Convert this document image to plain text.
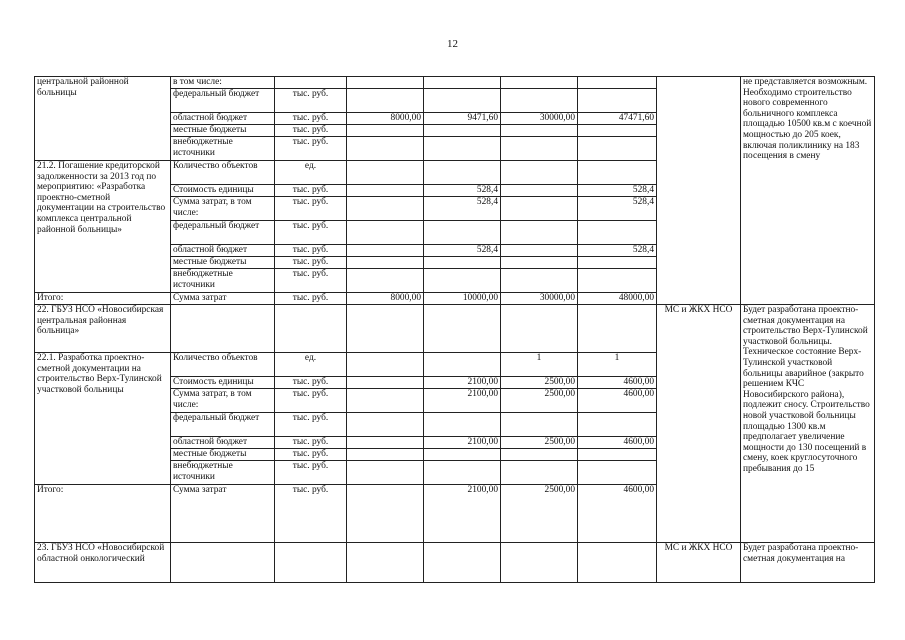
12
центральной районной больницы	в том числе:							не представляется возможным. Необходимо строительство нового современного больничного комплекса площадью 10500 кв.м с коечной мощностью до 205 коек, включая поликлинику на 183 посещения в смену
	федеральный бюджет	тыс. руб.						
	областной бюджет	тыс. руб.	8000,00	9471,60	30000,00	47471,60		
	местные бюджеты	тыс. руб.						
	внебюджетные источники	тыс. руб.						
21.2. Погашение кредиторской задолженности за 2013 год по мероприятию: «Разработка проектно-сметной документации на строительство комплекса центральной районной больницы»	Количество объектов	ед.						
	Стоимость единицы	тыс. руб.		528,4		528,4		
	Сумма затрат, в том числе:	тыс. руб.		528,4		528,4		
	федеральный бюджет	тыс. руб.						
	областной бюджет	тыс. руб.		528,4		528,4		
	местные бюджеты	тыс. руб.						
	внебюджетные источники	тыс. руб.						
Итого:	Сумма затрат	тыс. руб.	8000,00	10000,00	30000,00	48000,00		
22. ГБУЗ НСО «Новосибирская центральная районная больница»							МС и ЖКХ НСО	Будет разработана проектно-сметная документация на строительство Верх-Тулинской участковой больницы. Техническое состояние Верх-Тулинской участковой больницы аварийное (закрыто решением КЧС Новосибирского района), подлежит сносу. Строительство новой участковой больницы площадью 1300 кв.м предполагает увеличение мощности до 130 посещений в смену, коек круглосуточного пребывания до 15
22.1. Разработка проектно-сметной документации на строительство Верх-Тулинской участковой больницы	Количество объектов	ед.			1	1		
	Стоимость единицы	тыс. руб.		2100,00	2500,00	4600,00		
	Сумма затрат, в том числе:	тыс. руб.		2100,00	2500,00	4600,00		
	федеральный бюджет	тыс. руб.						
	областной бюджет	тыс. руб.		2100,00	2500,00	4600,00		
	местные бюджеты	тыс. руб.						
	внебюджетные источники	тыс. руб.						
Итого:	Сумма затрат	тыс. руб.		2100,00	2500,00	4600,00		
23. ГБУЗ НСО «Новосибирской областной онкологический							МС и ЖКХ НСО	Будет разработана проектно-сметная документация на
